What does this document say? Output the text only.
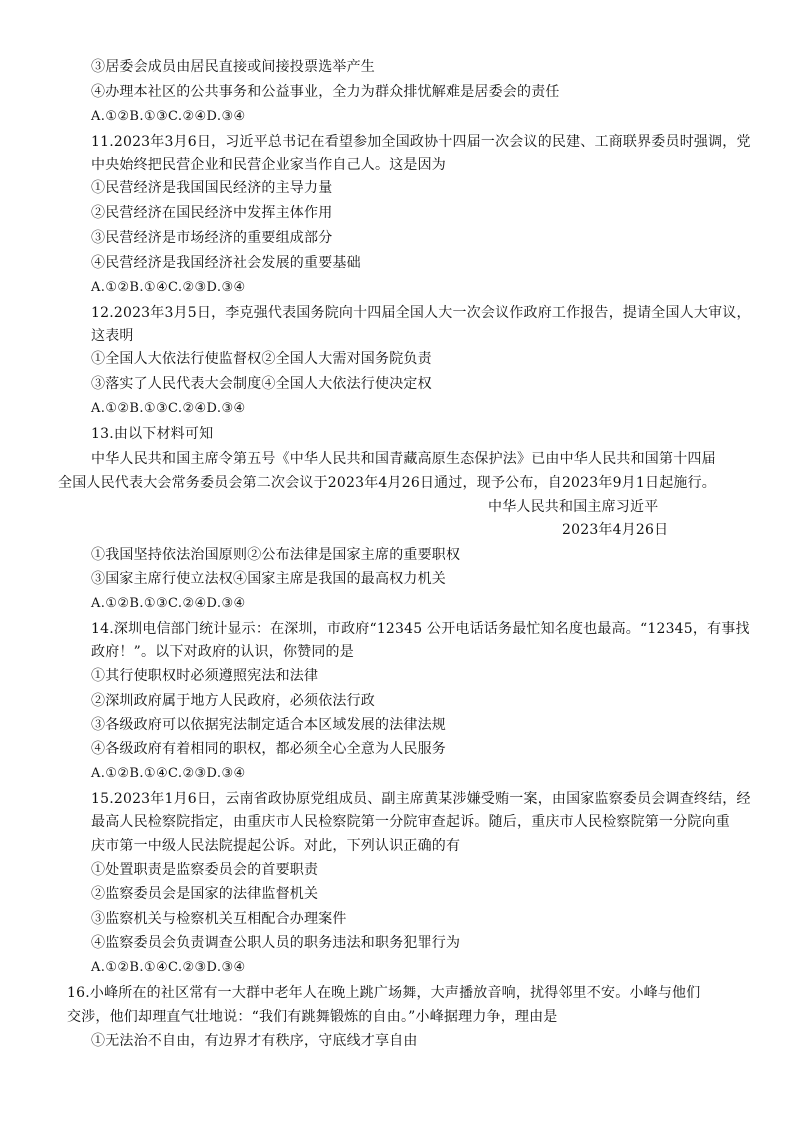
③居委会成员由居民直接或间接投票选举产生
④办理本社区的公共事务和公益事业，全力为群众排忧解难是居委会的责任
A.①②B.①③C.②④D.③④
11.2023年3月6日，习近平总书记在看望参加全国政协十四届一次会议的民建、工商联界委员时强调，党
中央始终把民营企业和民营企业家当作自己人。这是因为
①民营经济是我国国民经济的主导力量
②民营经济在国民经济中发挥主体作用
③民营经济是市场经济的重要组成部分
④民营经济是我国经济社会发展的重要基础
A.①②B.①④C.②③D.③④
12.2023年3月5日，李克强代表国务院向十四届全国人大一次会议作政府工作报告，提请全国人大审议，
这表明
①全国人大依法行使监督权②全国人大需对国务院负责
③落实了人民代表大会制度④全国人大依法行使决定权
A.①②B.①③C.②④D.③④
13.由以下材料可知
中华人民共和国主席令第五号《中华人民共和国青藏高原生态保护法》已由中华人民共和国第十四届
全国人民代表大会常务委员会第二次会议于2023年4月26日通过，现予公布，自2023年9月1日起施行。
中华人民共和国主席习近平
2023年4月26日
①我国坚持依法治国原则②公布法律是国家主席的重要职权
③国家主席行使立法权④国家主席是我国的最高权力机关
A.①②B.①③C.②④D.③④
14.深圳电信部门统计显示：在深圳，市政府“12345 公开电话话务最忙知名度也最高。“12345，有事找
政府！”。以下对政府的认识，你赞同的是
①其行使职权时必须遵照宪法和法律
②深圳政府属于地方人民政府，必须依法行政
③各级政府可以依据宪法制定适合本区域发展的法律法规
④各级政府有着相同的职权，都必须全心全意为人民服务
A.①②B.①④C.②③D.③④
15.2023年1月6日，云南省政协原党组成员、副主席黄某涉嫌受贿一案，由国家监察委员会调查终结，经
最高人民检察院指定，由重庆市人民检察院第一分院审查起诉。随后，重庆市人民检察院第一分院向重
庆市第一中级人民法院提起公诉。对此，下列认识正确的有
①处置职责是监察委员会的首要职责
②监察委员会是国家的法律监督机关
③监察机关与检察机关互相配合办理案件
④监察委员会负责调查公职人员的职务违法和职务犯罪行为
A.①②B.①④C.②③D.③④
16.小峰所在的社区常有一大群中老年人在晚上跳广场舞，大声播放音响，扰得邻里不安。小峰与他们
交涉，他们却理直气壮地说：“我们有跳舞锻炼的自由。”小峰据理力争，理由是
①无法治不自由，有边界才有秩序，守底线才享自由
